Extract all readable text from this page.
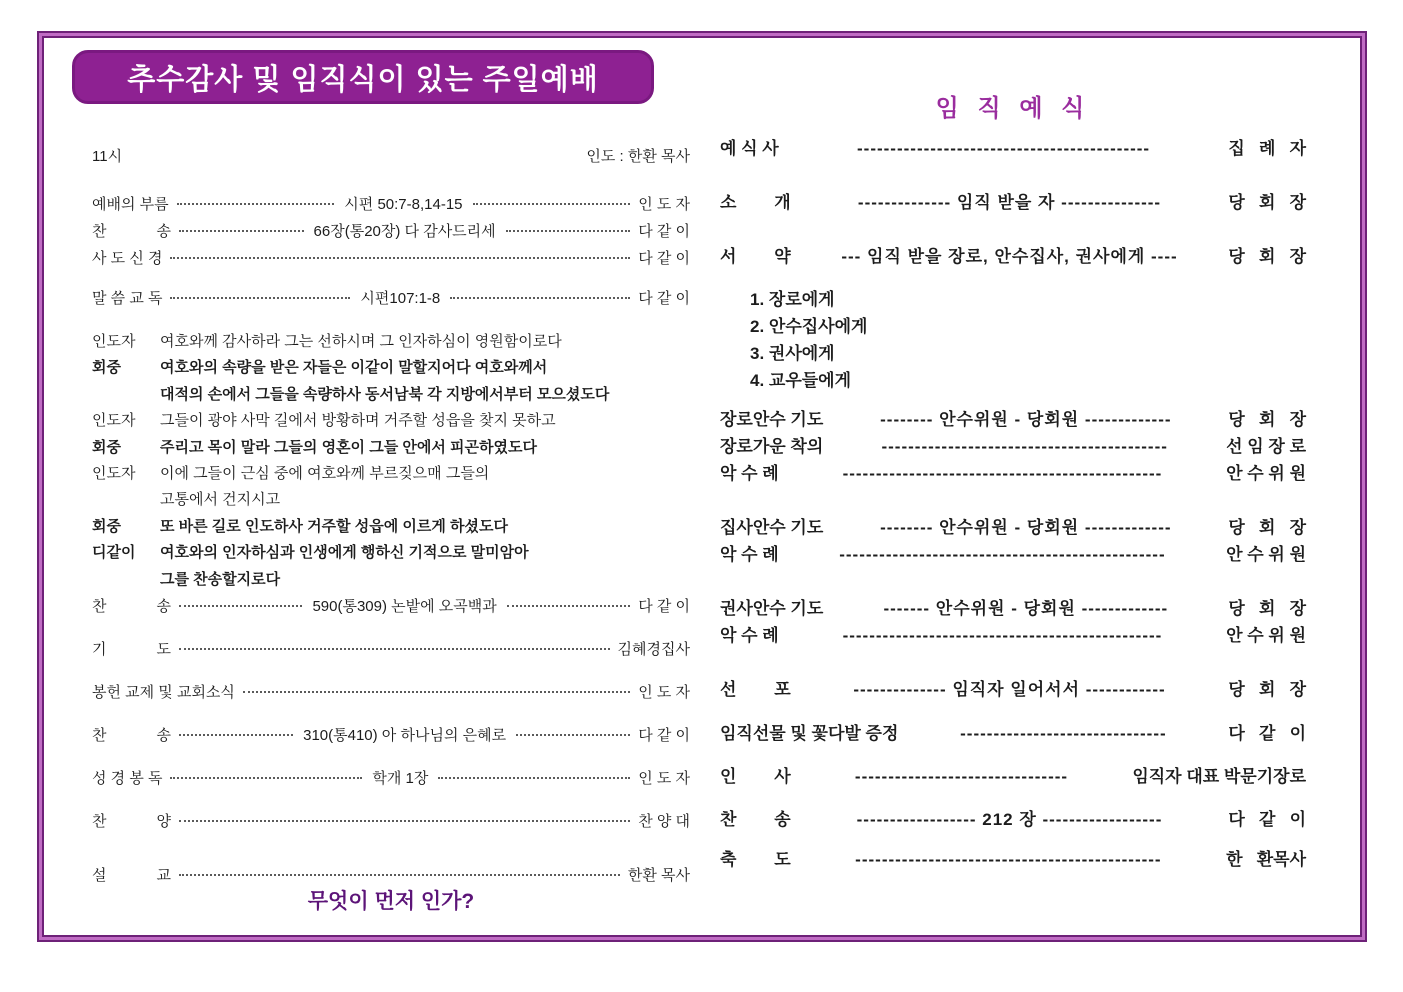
추수감사 및 임직식이 있는 주일예배
11시	인도 : 한환 목사
예배의 부름	시편 50:7-8,14-15	인 도 자
찬            송	66장(통20장) 다 감사드리세	다 같 이
사 도 신 경	다 같 이
말 씀 교 독	시편107:1-8	다 같 이
인도자	여호와께 감사하라 그는 선하시며 그 인자하심이 영원함이로다
회중	여호와의 속량을 받은 자들은 이같이 말할지어다 여호와께서
대적의 손에서 그들을 속량하사 동서남북 각 지방에서부터 모으셨도다
인도자	그들이 광야 사막 길에서 방황하며 거주할 성읍을 찾지 못하고
회중	주리고 목이 말라 그들의 영혼이 그들 안에서 피곤하였도다
인도자	이에 그들이 근심 중에 여호와께 부르짖으매 그들의
고통에서 건지시고
회중	또 바른 길로 인도하사 거주할 성읍에 이르게 하셨도다
디같이	여호와의 인자하심과 인생에게 행하신 기적으로 말미암아
그를 찬송할지로다
찬            송	590(통309) 논밭에 오곡백과	다 같 이
기            도	김혜경집사
봉헌 교제 및 교회소식	인 도 자
찬            송	310(통410) 아 하나님의 은혜로	다 같 이
성 경 봉 독	학개 1장	인 도 자
찬            양	찬 양 대
설            교	한환 목사
무엇이 먼저 인가?
임 직 예 식
예 식 사	--------------------------------------------	집   례   자
소        개	-------------- 임직 받을 자 ---------------	당   회   장
서        약	--- 임직 받을 장로, 안수집사, 권사에게 ----	당   회   장
1. 장로에게
2. 안수집사에게
3. 권사에게
4. 교우들에게
장로안수 기도	-------- 안수위원 - 당회원 -------------	당   회   장
장로가운 착의	-------------------------------------------	선 임 장 로
악 수 례	------------------------------------------------	안 수 위 원
집사안수 기도	-------- 안수위원 - 당회원 -------------	당   회   장
악 수 례	-------------------------------------------------	안 수 위 원
권사안수 기도	------- 안수위원 - 당회원 -------------	당   회   장
악 수 례	------------------------------------------------	안 수 위 원
선        포	-------------- 임직자 일어서서 ------------	당   회   장
임직선물 및 꽃다발 증정	-------------------------------	다   같   이
인        사	--------------------------------	임직자 대표 박문기장로
찬        송	------------------ 212 장 ------------------	다   같   이
축        도	----------------------------------------------	한   환목사
